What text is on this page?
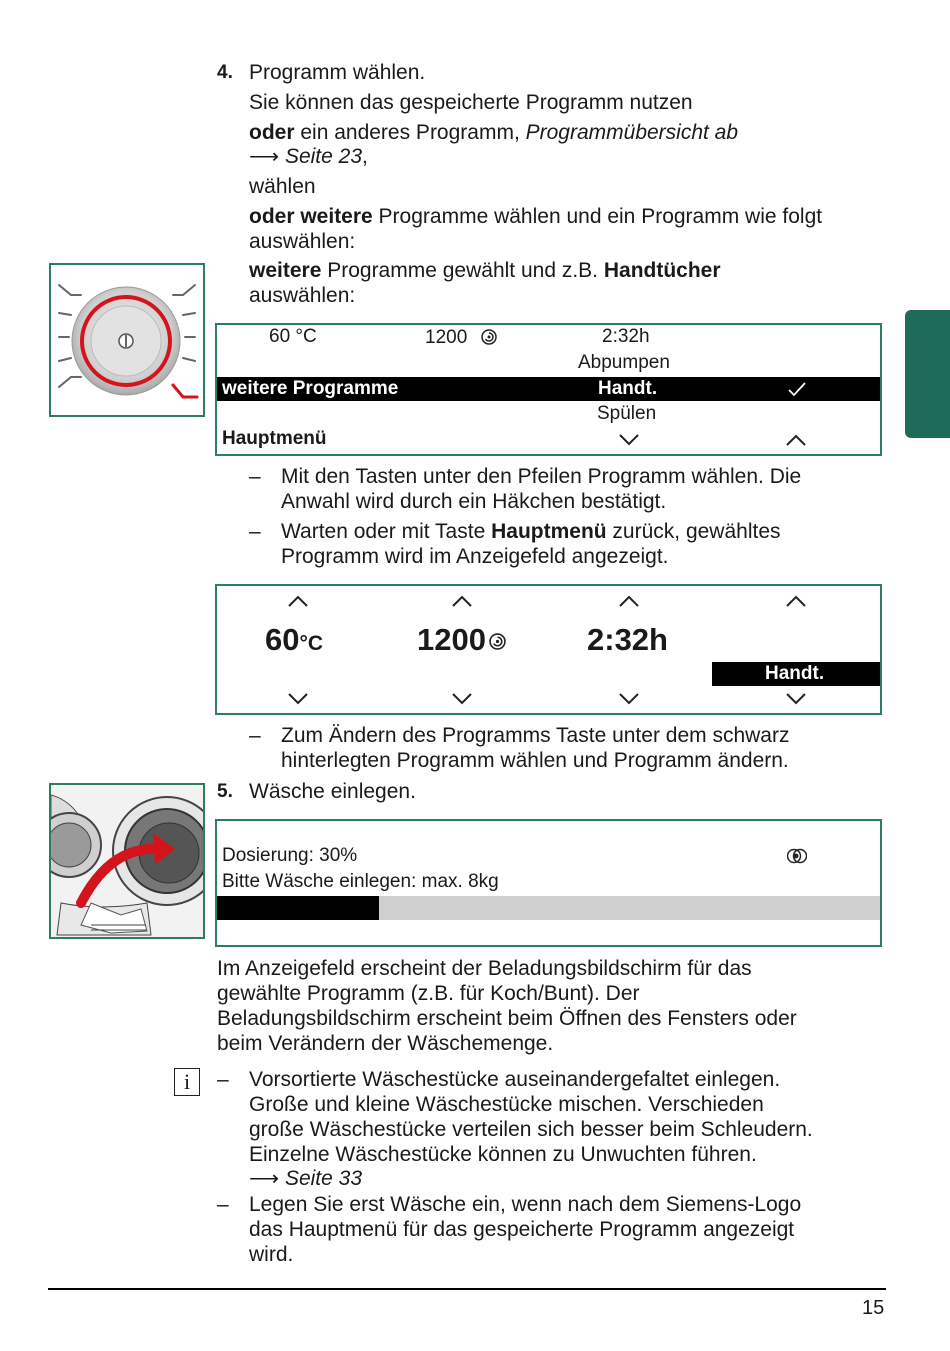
4. Programm wählen.
Sie können das gespeicherte Programm nutzen
oder ein anderes Programm, Programmübersicht ab
⟶ Seite 23,
wählen
oder weitere Programme wählen und ein Programm wie folgt
auswählen:
weitere Programme gewählt und z.B. Handtücher
auswählen:
60 °C	1200	2:32h
Abpumpen
weitere Programme	Handt.
Spülen
Hauptmenü
– Mit den Tasten unter den Pfeilen Programm wählen. Die
Anwahl wird durch ein Häkchen bestätigt.
– Warten oder mit Taste Hauptmenü zurück, gewähltes
Programm wird im Anzeigefeld angezeigt.
60°C	1200	2:32h
Handt.
– Zum Ändern des Programms Taste unter dem schwarz
hinterlegten Programm wählen und Programm ändern.
5. Wäsche einlegen.
Dosierung: 30%
Bitte Wäsche einlegen: max. 8kg
Im Anzeigefeld erscheint der Beladungsbildschirm für das
gewählte Programm (z.B. für Koch/Bunt). Der
Beladungsbildschirm erscheint beim Öffnen des Fensters oder
beim Verändern der Wäschemenge.
i	– Vorsortierte Wäschestücke auseinandergefaltet einlegen.
Große und kleine Wäschestücke mischen. Verschieden
große Wäschestücke verteilen sich besser beim Schleudern.
Einzelne Wäschestücke können zu Unwuchten führen.
⟶ Seite 33
– Legen Sie erst Wäsche ein, wenn nach dem Siemens-Logo
das Hauptmenü für das gespeicherte Programm angezeigt
wird.
15
